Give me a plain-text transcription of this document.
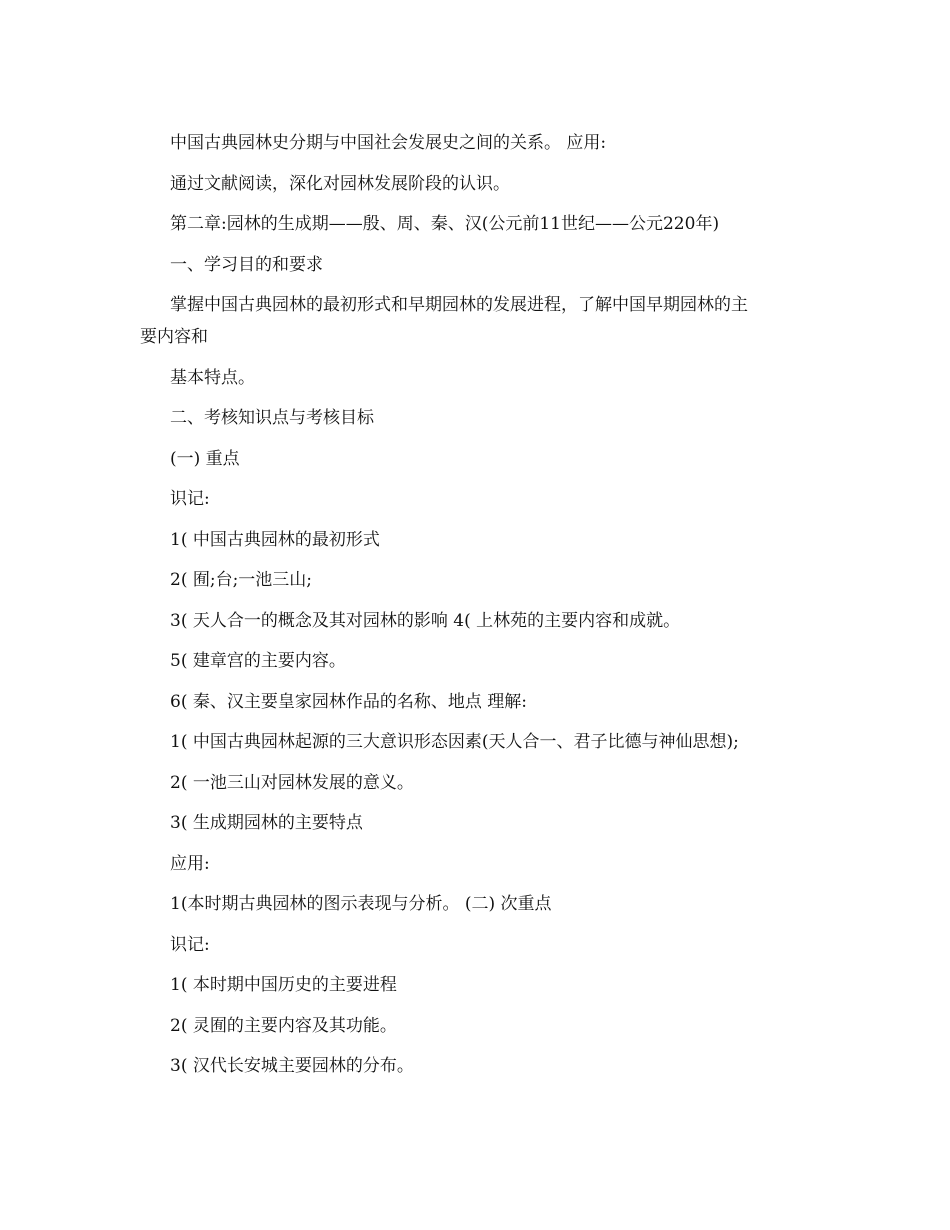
中国古典园林史分期与中国社会发展史之间的关系。 应用:

通过文献阅读，深化对园林发展阶段的认识。

第二章:园林的生成期——殷、周、秦、汉(公元前11世纪——公元220年)

一、学习目的和要求

掌握中国古典园林的最初形式和早期园林的发展进程，了解中国早期园林的主

要内容和

基本特点。

二、考核知识点与考核目标

(一) 重点

识记:

1( 中国古典园林的最初形式

2( 囿;台;一池三山;

3( 天人合一的概念及其对园林的影响 4( 上林苑的主要内容和成就。

5( 建章宫的主要内容。

6( 秦、汉主要皇家园林作品的名称、地点 理解:

1( 中国古典园林起源的三大意识形态因素(天人合一、君子比德与神仙思想);

2( 一池三山对园林发展的意义。

3( 生成期园林的主要特点

应用:

1(本时期古典园林的图示表现与分析。 (二) 次重点

识记:

1( 本时期中国历史的主要进程

2( 灵囿的主要内容及其功能。

3( 汉代长安城主要园林的分布。
